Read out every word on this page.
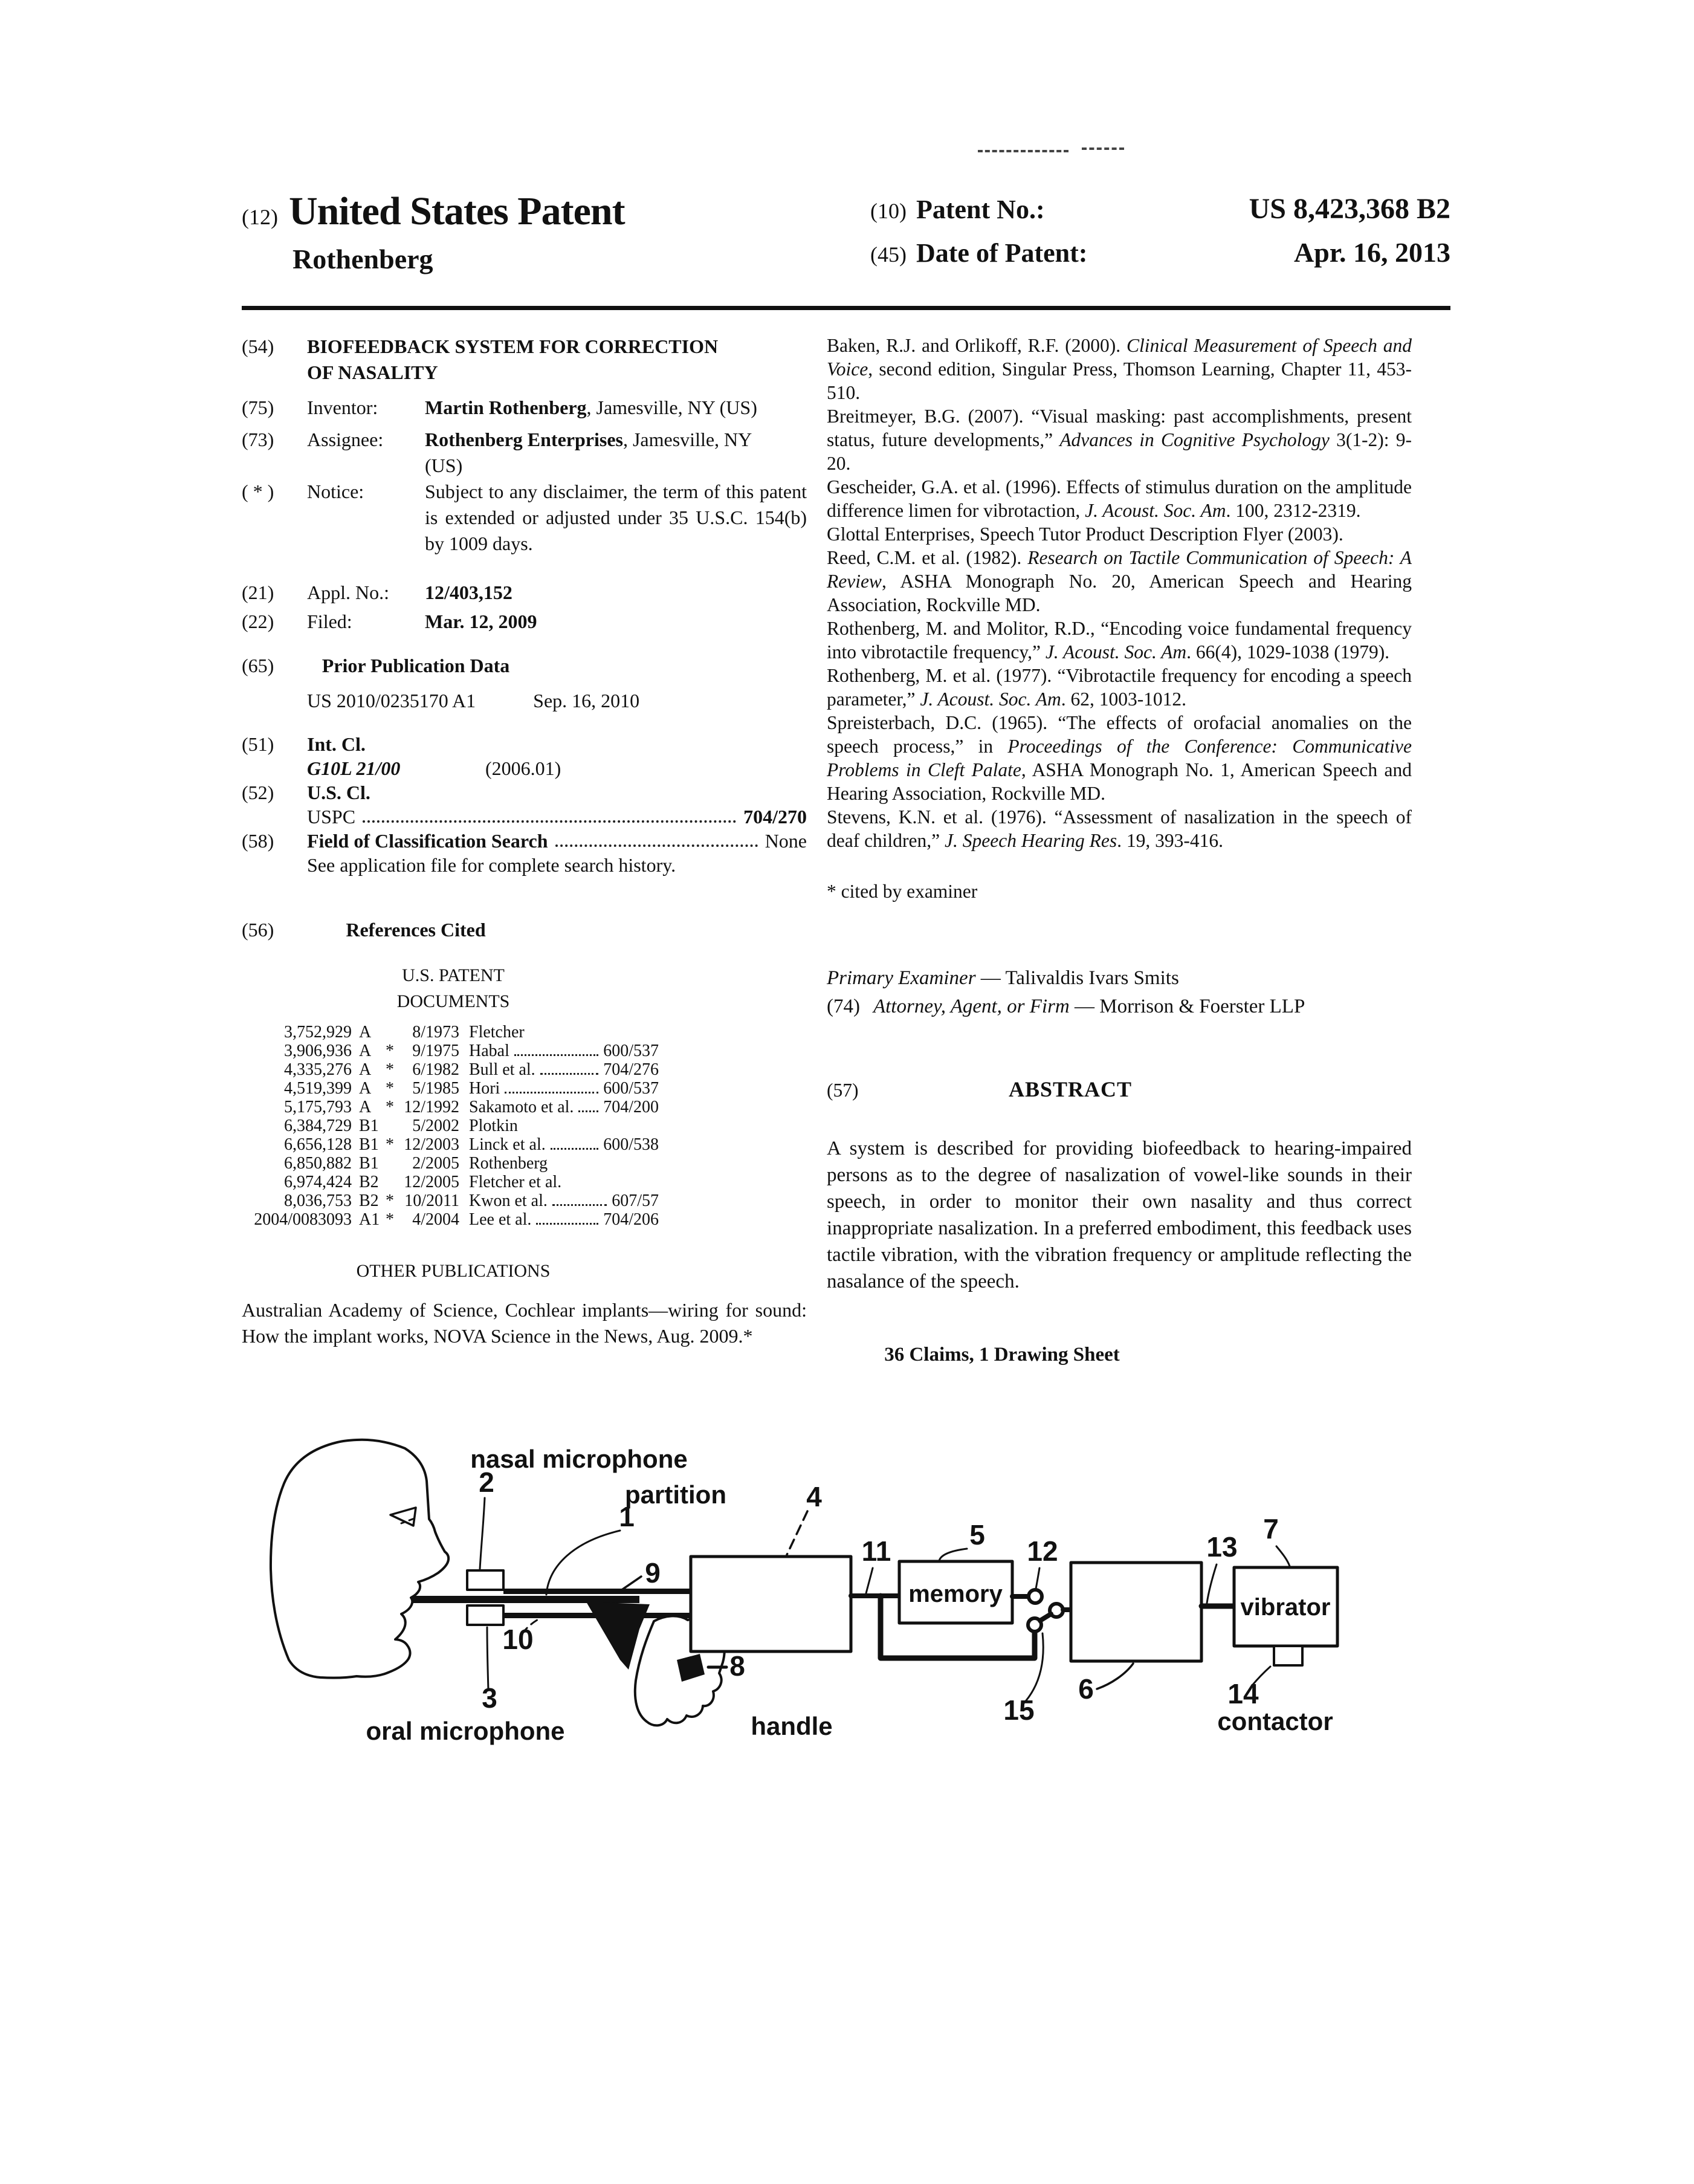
(12) United States Patent
Rothenberg
(10) Patent No.:	US 8,423,368 B2
(45) Date of Patent:	Apr. 16, 2013
(54)	BIOFEEDBACK SYSTEM FOR CORRECTION
OF NASALITY
(75)	Inventor:	Martin Rothenberg, Jamesville, NY (US)
(73)	Assignee:	Rothenberg Enterprises, Jamesville, NY (US)
( * )	Notice:	Subject to any disclaimer, the term of this patent is extended or adjusted under 35 U.S.C. 154(b) by 1009 days.
(21)	Appl. No.:	12/403,152
(22)	Filed:	Mar. 12, 2009
(65)	Prior Publication Data
US 2010/0235170 A1	Sep. 16, 2010
(51)	Int. Cl.
G10L 21/00	(2006.01)
(52)	U.S. Cl.
USPC	704/270
(58)	Field of Classification Search	None
See application file for complete search history.
(56)	References Cited
U.S. PATENT DOCUMENTS
3,752,929 A	8/1973 Fletcher
3,906,936 A *	9/1975 Habal	600/537
4,335,276 A *	6/1982 Bull et al.	704/276
4,519,399 A *	5/1985 Hori	600/537
5,175,793 A * 12/1992 Sakamoto et al. 704/200
6,384,729 B1	5/2002 Plotkin
6,656,128 B1 * 12/2003 Linck et al.	600/538
6,850,882 B1	2/2005 Rothenberg
6,974,424 B2	12/2005 Fletcher et al.
8,036,753 B2 * 10/2011 Kwon et al.	607/57
2004/0083093 A1 *	4/2004 Lee et al.	704/206
OTHER PUBLICATIONS

Australian Academy of Science, Cochlear implants—wiring for sound: How the implant works, NOVA Science in the News, Aug. 2009.*

Baken, R.J. and Orlikoff, R.F. (2000). Clinical Measurement of Speech and Voice, second edition, Singular Press, Thomson Learning, Chapter 11, 453-510.

Breitmeyer, B.G. (2007). “Visual masking: past accomplishments, present status, future developments,” Advances in Cognitive Psychology 3(1-2): 9-20.

Gescheider, G.A. et al. (1996). Effects of stimulus duration on the amplitude difference limen for vibrotaction, J. Acoust. Soc. Am. 100, 2312-2319.

Glottal Enterprises, Speech Tutor Product Description Flyer (2003).

Reed, C.M. et al. (1982). Research on Tactile Communication of Speech: A Review, ASHA Monograph No. 20, American Speech and Hearing Association, Rockville MD.

Rothenberg, M. and Molitor, R.D., “Encoding voice fundamental frequency into vibrotactile frequency,” J. Acoust. Soc. Am. 66(4), 1029-1038 (1979).

Rothenberg, M. et al. (1977). “Vibrotactile frequency for encoding a speech parameter,” J. Acoust. Soc. Am. 62, 1003-1012.

Spreisterbach, D.C. (1965). “The effects of orofacial anomalies on the speech process,” in Proceedings of the Conference: Communicative Problems in Cleft Palate, ASHA Monograph No. 1, American Speech and Hearing Association, Rockville MD.

Stevens, K.N. et al. (1976). “Assessment of nasalization in the speech of deaf children,” J. Speech Hearing Res. 19, 393-416.

* cited by examiner

Primary Examiner — Talivaldis Ivars Smits

(74) Attorney, Agent, or Firm — Morrison & Foerster LLP

(57)	ABSTRACT

A system is described for providing biofeedback to hearing-impaired persons as to the degree of nasalization of vowel-like sounds in their speech, in order to monitor their own nasality and thus correct inappropriate nasalization. In a preferred embodiment, this feedback uses tactile vibration, with the vibration frequency or amplitude reflecting the nasalance of the speech.

36 Claims, 1 Drawing Sheet

memory	vibrator
nasal microphone
partition
oral microphone	handle	contactor
2
1
9
4
10
3
8
11
5
12
15
6
13
7
14
